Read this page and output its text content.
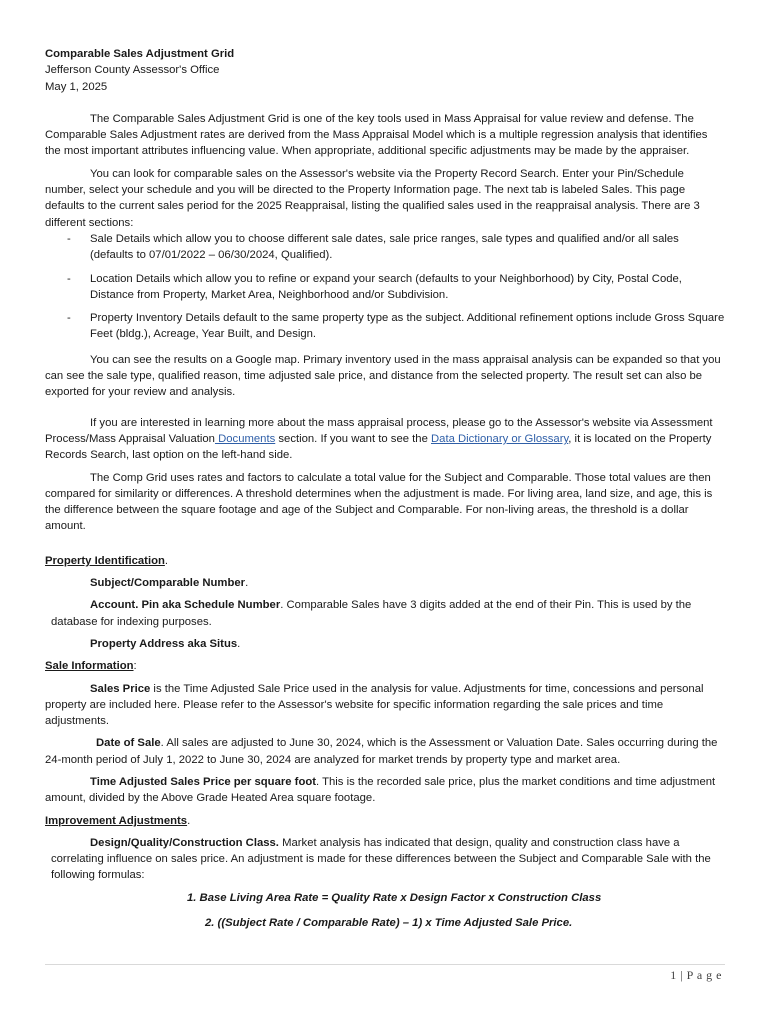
Comparable Sales Adjustment Grid
Jefferson County Assessor's Office
May 1, 2025

The Comparable Sales Adjustment Grid is one of the key tools used in Mass Appraisal for value review and defense. The Comparable Sales Adjustment rates are derived from the Mass Appraisal Model which is a multiple regression analysis that identifies the most important attributes influencing value. When appropriate, additional specific adjustments may be made by the appraiser.

You can look for comparable sales on the Assessor's website via the Property Record Search. Enter your Pin/Schedule number, select your schedule and you will be directed to the Property Information page. The next tab is labeled Sales. This page defaults to the current sales period for the 2025 Reappraisal, listing the qualified sales used in the reappraisal analysis. There are 3 different sections:

- Sale Details which allow you to choose different sale dates, sale price ranges, sale types and qualified and/or all sales (defaults to 07/01/2022 – 06/30/2024, Qualified).
- Location Details which allow you to refine or expand your search (defaults to your Neighborhood) by City, Postal Code, Distance from Property, Market Area, Neighborhood and/or Subdivision.
- Property Inventory Details default to the same property type as the subject. Additional refinement options include Gross Square Feet (bldg.), Acreage, Year Built, and Design.

You can see the results on a Google map. Primary inventory used in the mass appraisal analysis can be expanded so that you can see the sale type, qualified reason, time adjusted sale price, and distance from the selected property. The result set can also be exported for your review and analysis.

If you are interested in learning more about the mass appraisal process, please go to the Assessor's website via Assessment Process/Mass Appraisal Valuation Documents section. If you want to see the Data Dictionary or Glossary, it is located on the Property Records Search, last option on the left-hand side.

The Comp Grid uses rates and factors to calculate a total value for the Subject and Comparable. Those total values are then compared for similarity or differences. A threshold determines when the adjustment is made. For living area, land size, and age, this is the difference between the square footage and age of the Subject and Comparable. For non-living areas, the threshold is a dollar amount.

Property Identification.

Subject/Comparable Number.

Account. Pin aka Schedule Number. Comparable Sales have 3 digits added at the end of their Pin. This is used by the database for indexing purposes.

Property Address aka Situs.

Sale Information:

Sales Price is the Time Adjusted Sale Price used in the analysis for value. Adjustments for time, concessions and personal property are included here. Please refer to the Assessor's website for specific information regarding the sale prices and time adjustments.

Date of Sale. All sales are adjusted to June 30, 2024, which is the Assessment or Valuation Date. Sales occurring during the 24-month period of July 1, 2022 to June 30, 2024 are analyzed for market trends by property type and market area.

Time Adjusted Sales Price per square foot. This is the recorded sale price, plus the market conditions and time adjustment amount, divided by the Above Grade Heated Area square footage.

Improvement Adjustments.

Design/Quality/Construction Class. Market analysis has indicated that design, quality and construction class have a correlating influence on sales price. An adjustment is made for these differences between the Subject and Comparable Sale with the following formulas:

1. Base Living Area Rate = Quality Rate x Design Factor x Construction Class

2. ((Subject Rate / Comparable Rate) – 1) x Time Adjusted Sale Price.

1 | P a g e
